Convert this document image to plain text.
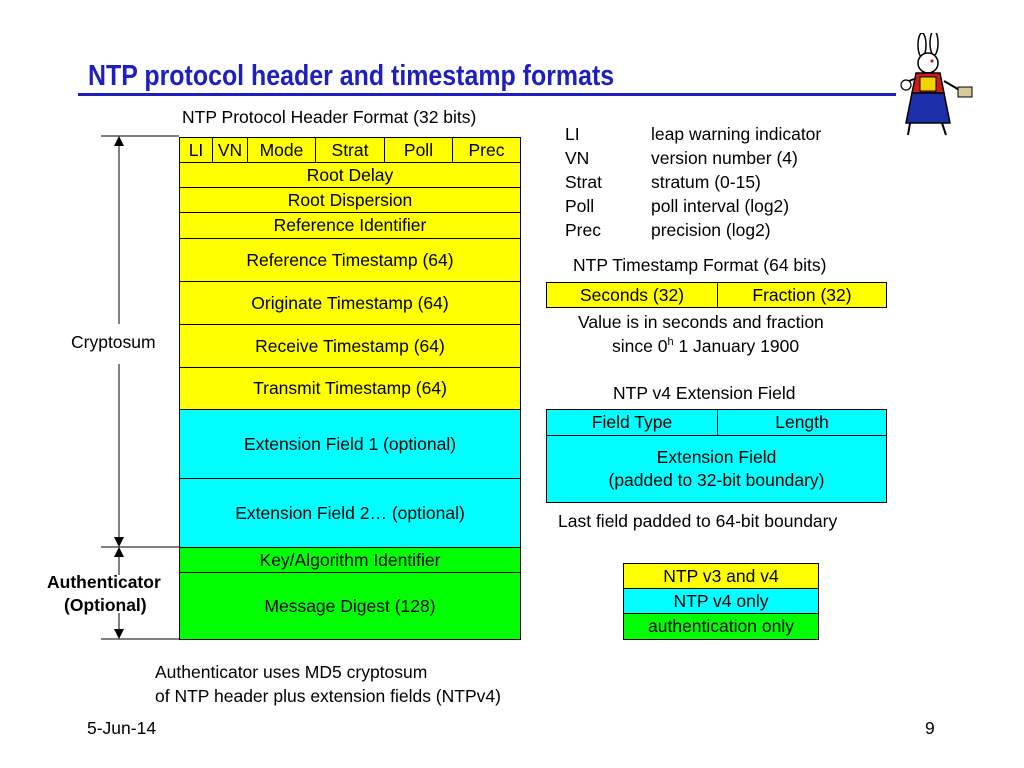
NTP protocol header and timestamp formats
NTP Protocol Header Format (32 bits)
LI VN Mode	Strat	Poll	Prec
Root Delay
Root Dispersion
Reference Identifier
Reference Timestamp (64)
Originate Timestamp (64)
Receive Timestamp (64)
Transmit Timestamp (64)
Extension Field 1 (optional)
Extension Field 2… (optional)
Key/Algorithm Identifier
Message Digest (128)
Cryptosum
Authenticator
(Optional)
Authenticator uses MD5 cryptosum
of NTP header plus extension fields (NTPv4)
LI	leap warning indicator
VN	version number (4)
Strat	stratum (0-15)
Poll	poll interval (log2)
Prec	precision (log2)
NTP Timestamp Format (64 bits)
Seconds (32)	Fraction (32)
Value is in seconds and fraction
since 0$^h$ 1 January 1900
NTP v4 Extension Field
Field Type	Length
Extension Field
(padded to 32-bit boundary)
Last field padded to 64-bit boundary
NTP v3 and v4
NTP v4 only
authentication only
5-Jun-14	9
